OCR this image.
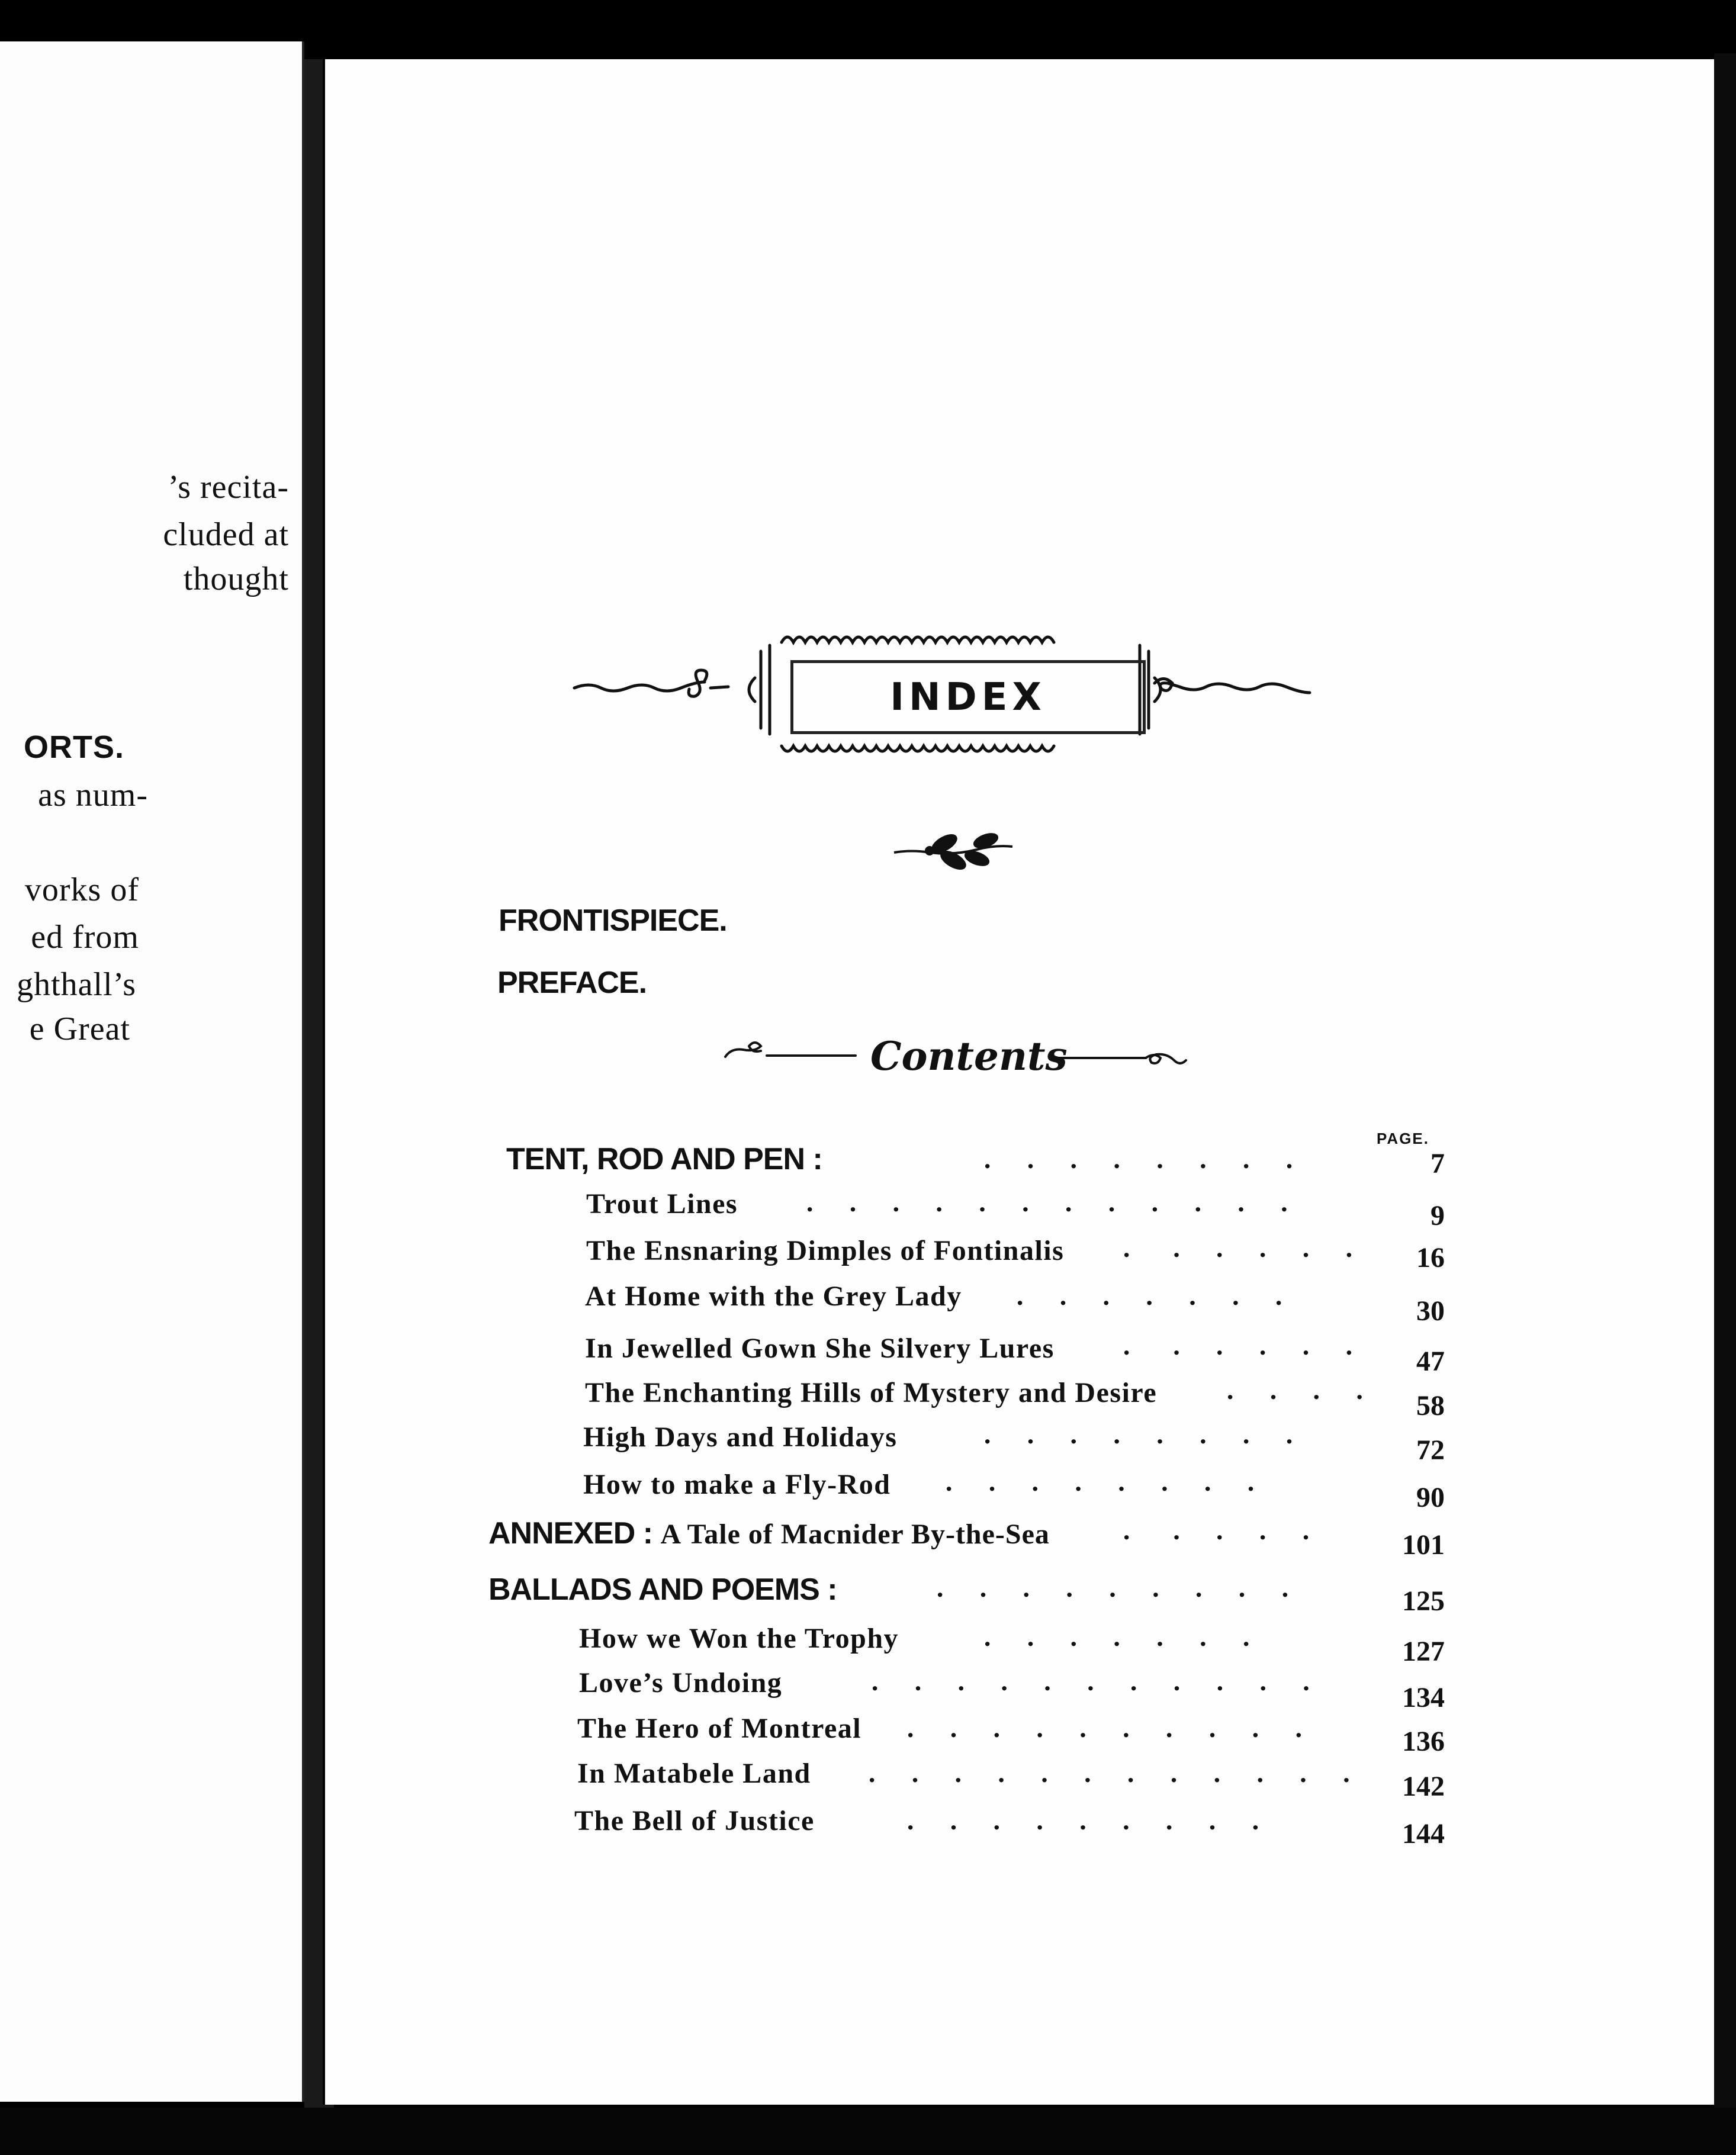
’s recita-
cluded at
thought
ORTS.
as num-
vorks of
ed from
ghthall’s
e Great
INDEX
FRONTISPIECE.
PREFACE.
Contents
PAGE.
TENT, ROD AND PEN :	·     ·     ·     ·     ·     ·     ·     ·	7
Trout Lines ·     ·     ·     ·     ·     ·     ·     ·     ·     ·     ·     ·	9
The Ensnaring Dimples of Fontinalis ·      ·     ·     ·     ·     ·	16
At Home with the Grey Lady ·     ·     ·     ·     ·     ·     ·	30
In Jewelled Gown She Silvery Lures ·      ·     ·     ·     ·     ·	47
The Enchanting Hills of Mystery and Desire	·     ·     ·     ·	58
High Days and Holidays	·     ·     ·     ·     ·     ·     ·     ·	72
How to make a Fly-Rod ·     ·     ·     ·     ·     ·     ·     ·	90
ANNEXED : A Tale of Macnider By-the-Sea	·      ·     ·     ·     ·	101
BALLADS AND POEMS :	·     ·     ·     ·     ·     ·     ·     ·     ·	125
How we Won the Trophy	·     ·     ·     ·     ·     ·     ·	127
Love’s Undoing	·     ·     ·     ·     ·     ·     ·     ·     ·     ·     ·	134
The Hero of Montreal ·     ·     ·     ·     ·     ·     ·     ·     ·     ·	136
In Matabele Land ·     ·     ·     ·     ·     ·     ·     ·     ·     ·     ·     ·	142
The Bell of Justice	·     ·     ·     ·     ·     ·     ·     ·     ·	144
